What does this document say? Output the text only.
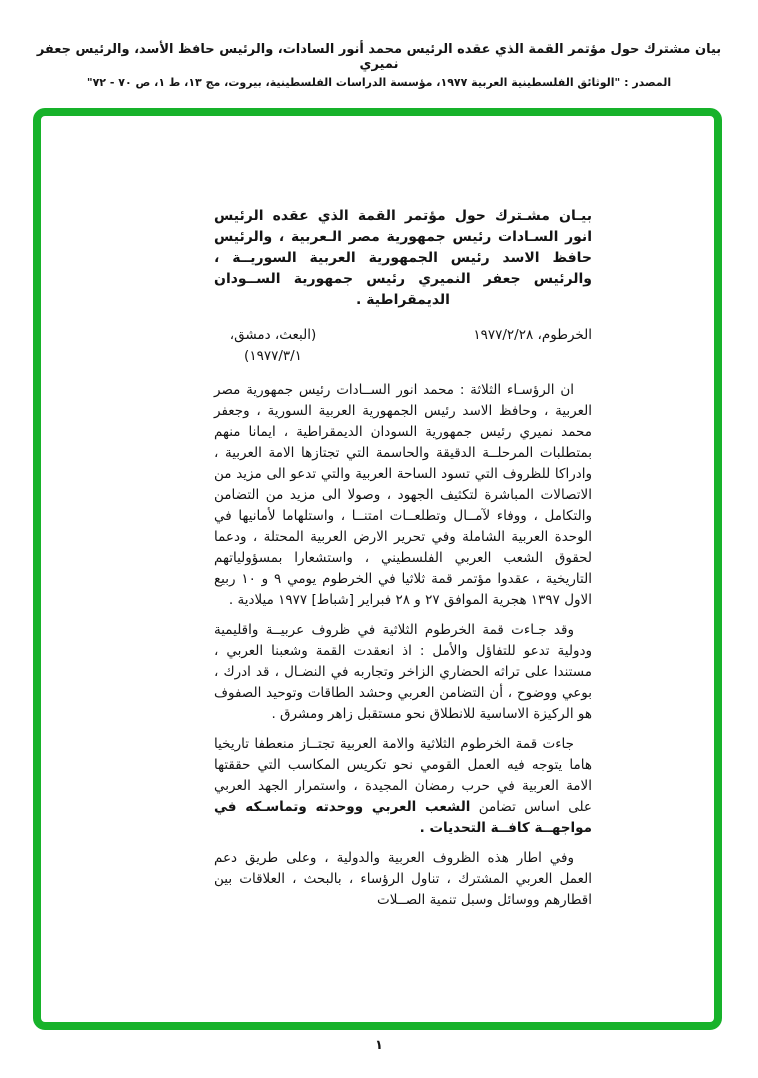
بيان مشترك حول مؤتمر القمة الذي عقده الرئيس محمد أنور السادات، والرئيس حافظ الأسد، والرئيس جعفر نميري
المصدر : "الوثائق الفلسطينية العربية ١٩٧٧، مؤسسة الدراسات الفلسطينية، بيروت، مج ١٣، ط ١، ص ٧٠ - ٧٢"
بيـان مشـترك حول مؤتمر القمة الذي عقده الرئيس انور السـادات رئيس جمهورية مصر الـعربية ، والرئيس حافظ الاسد رئيس الجمهورية العربية السوريــة ، والرئيس جعفر النميري رئيس جمهورية الســودان الديمقراطية .
الخرطوم، ١٩٧٧/٢/٢٨
(البعث، دمشق،
١٩٧٧/٣/١)

ان الرؤسـاء الثلاثة : محمد انور الســادات رئيس جمهورية مصر العربية ، وحافظ الاسد رئيس الجمهورية العربية السورية ، وجعفر محمد نميري رئيس جمهورية السودان الديمقراطية ، ايمانا منهم بمتطلبات المرحلــة الدقيقة والحاسمة التي تجتازها الامة العربية ، وادراكا للظروف التي تسود الساحة العربية والتي تدعو الى مزيد من الاتصالات المباشرة لتكثيف الجهود ، وصولا الى مزيد من التضامن والتكامل ، ووفاء لآمــال وتطلعــات امتنــا ، واستلهاما لأمانيها في الوحدة العربية الشاملة وفي تحرير الارض العربية المحتلة ، ودعما لحقوق الشعب العربي الفلسطيني ، واستشعارا بمسؤولياتهم التاريخية ، عقدوا مؤتمر قمة ثلاثيا في الخرطوم يومي ٩ و ١٠ ربيع الاول ١٣٩٧ هجرية الموافق ٢٧ و ٢٨ فبراير [شباط] ١٩٧٧ ميلادية .

وقد جـاءت قمة الخرطوم الثلاثية في ظروف عربيــة واقليمية ودولية تدعو للتفاؤل والأمل : اذ انعقدت القمة وشعبنا العربي ، مستندا على تراثه الحضاري الزاخر وتجاربه في النضـال ، قد ادرك ، بوعي ووضوح ، أن التضامن العربي وحشد الطاقات وتوحيد الصفوف هو الركيزة الاساسية للانطلاق نحو مستقبل زاهر ومشرق .

جاءت قمة الخرطوم الثلاثية والامة العربية تجتــاز منعطفا تاريخيا هاما يتوجه فيه العمل القومي نحو تكريس المكاسب التي حققتها الامة العربية في حرب رمضان المجيدة ، واستمرار الجهد العربي على اساس تضامن الشعب العربي ووحدته وتماسـكه في مواجهــة كافــة التحديات .

وفي اطار هذه الظروف العربية والدولية ، وعلى طريق دعم العمل العربي المشترك ، تناول الرؤساء ، بالبحث ، العلاقات بين اقطارهم ووسائل وسبل تنمية الصــلات

١
